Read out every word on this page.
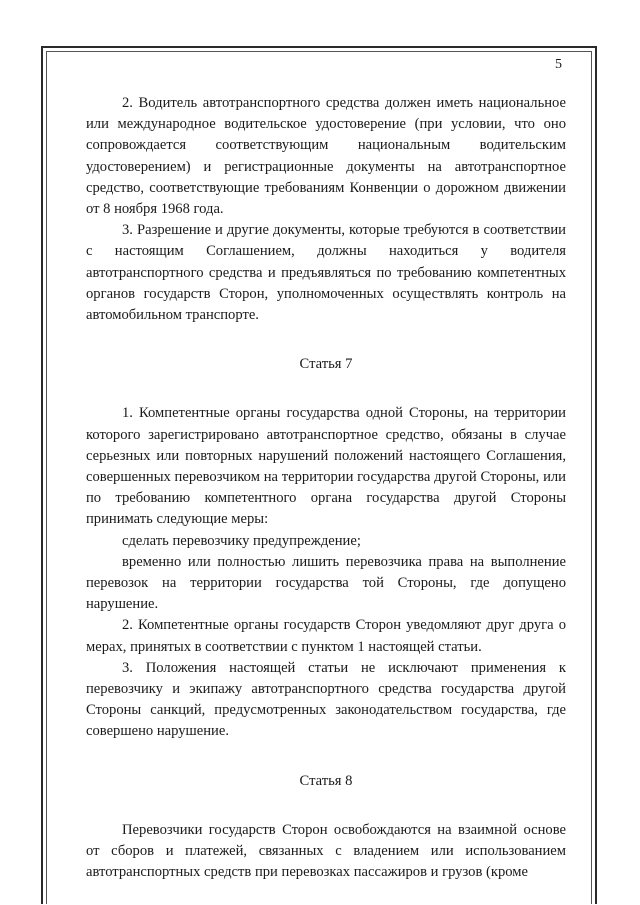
5

2. Водитель автотранспортного средства должен иметь национальное или международное водительское удостоверение (при условии, что оно сопровождается соответствующим национальным водительским удостоверением) и регистрационные документы на автотранспортное средство, соответствующие требованиям Конвенции о дорожном движении от 8 ноября 1968 года.

3. Разрешение и другие документы, которые требуются в соответствии с настоящим Соглашением, должны находиться у водителя автотранспортного средства и предъявляться по требованию компетентных органов государств Сторон, уполномоченных осуществлять контроль на автомобильном транспорте.

Статья 7

1. Компетентные органы государства одной Стороны, на территории которого зарегистрировано автотранспортное средство, обязаны в случае серьезных или повторных нарушений положений настоящего Соглашения, совершенных перевозчиком на территории государства другой Стороны, или по требованию компетентного органа государства другой Стороны принимать следующие меры:

сделать перевозчику предупреждение;

временно или полностью лишить перевозчика права на выполнение перевозок на территории государства той Стороны, где допущено нарушение.

2. Компетентные органы государств Сторон уведомляют друг друга о мерах, принятых в соответствии с пунктом 1 настоящей статьи.

3. Положения настоящей статьи не исключают применения к перевозчику и экипажу автотранспортного средства государства другой Стороны санкций, предусмотренных законодательством государства, где совершено нарушение.

Статья 8

Перевозчики государств Сторон освобождаются на взаимной основе от сборов и платежей, связанных с владением или использованием автотранспортных средств при перевозках пассажиров и грузов (кроме
